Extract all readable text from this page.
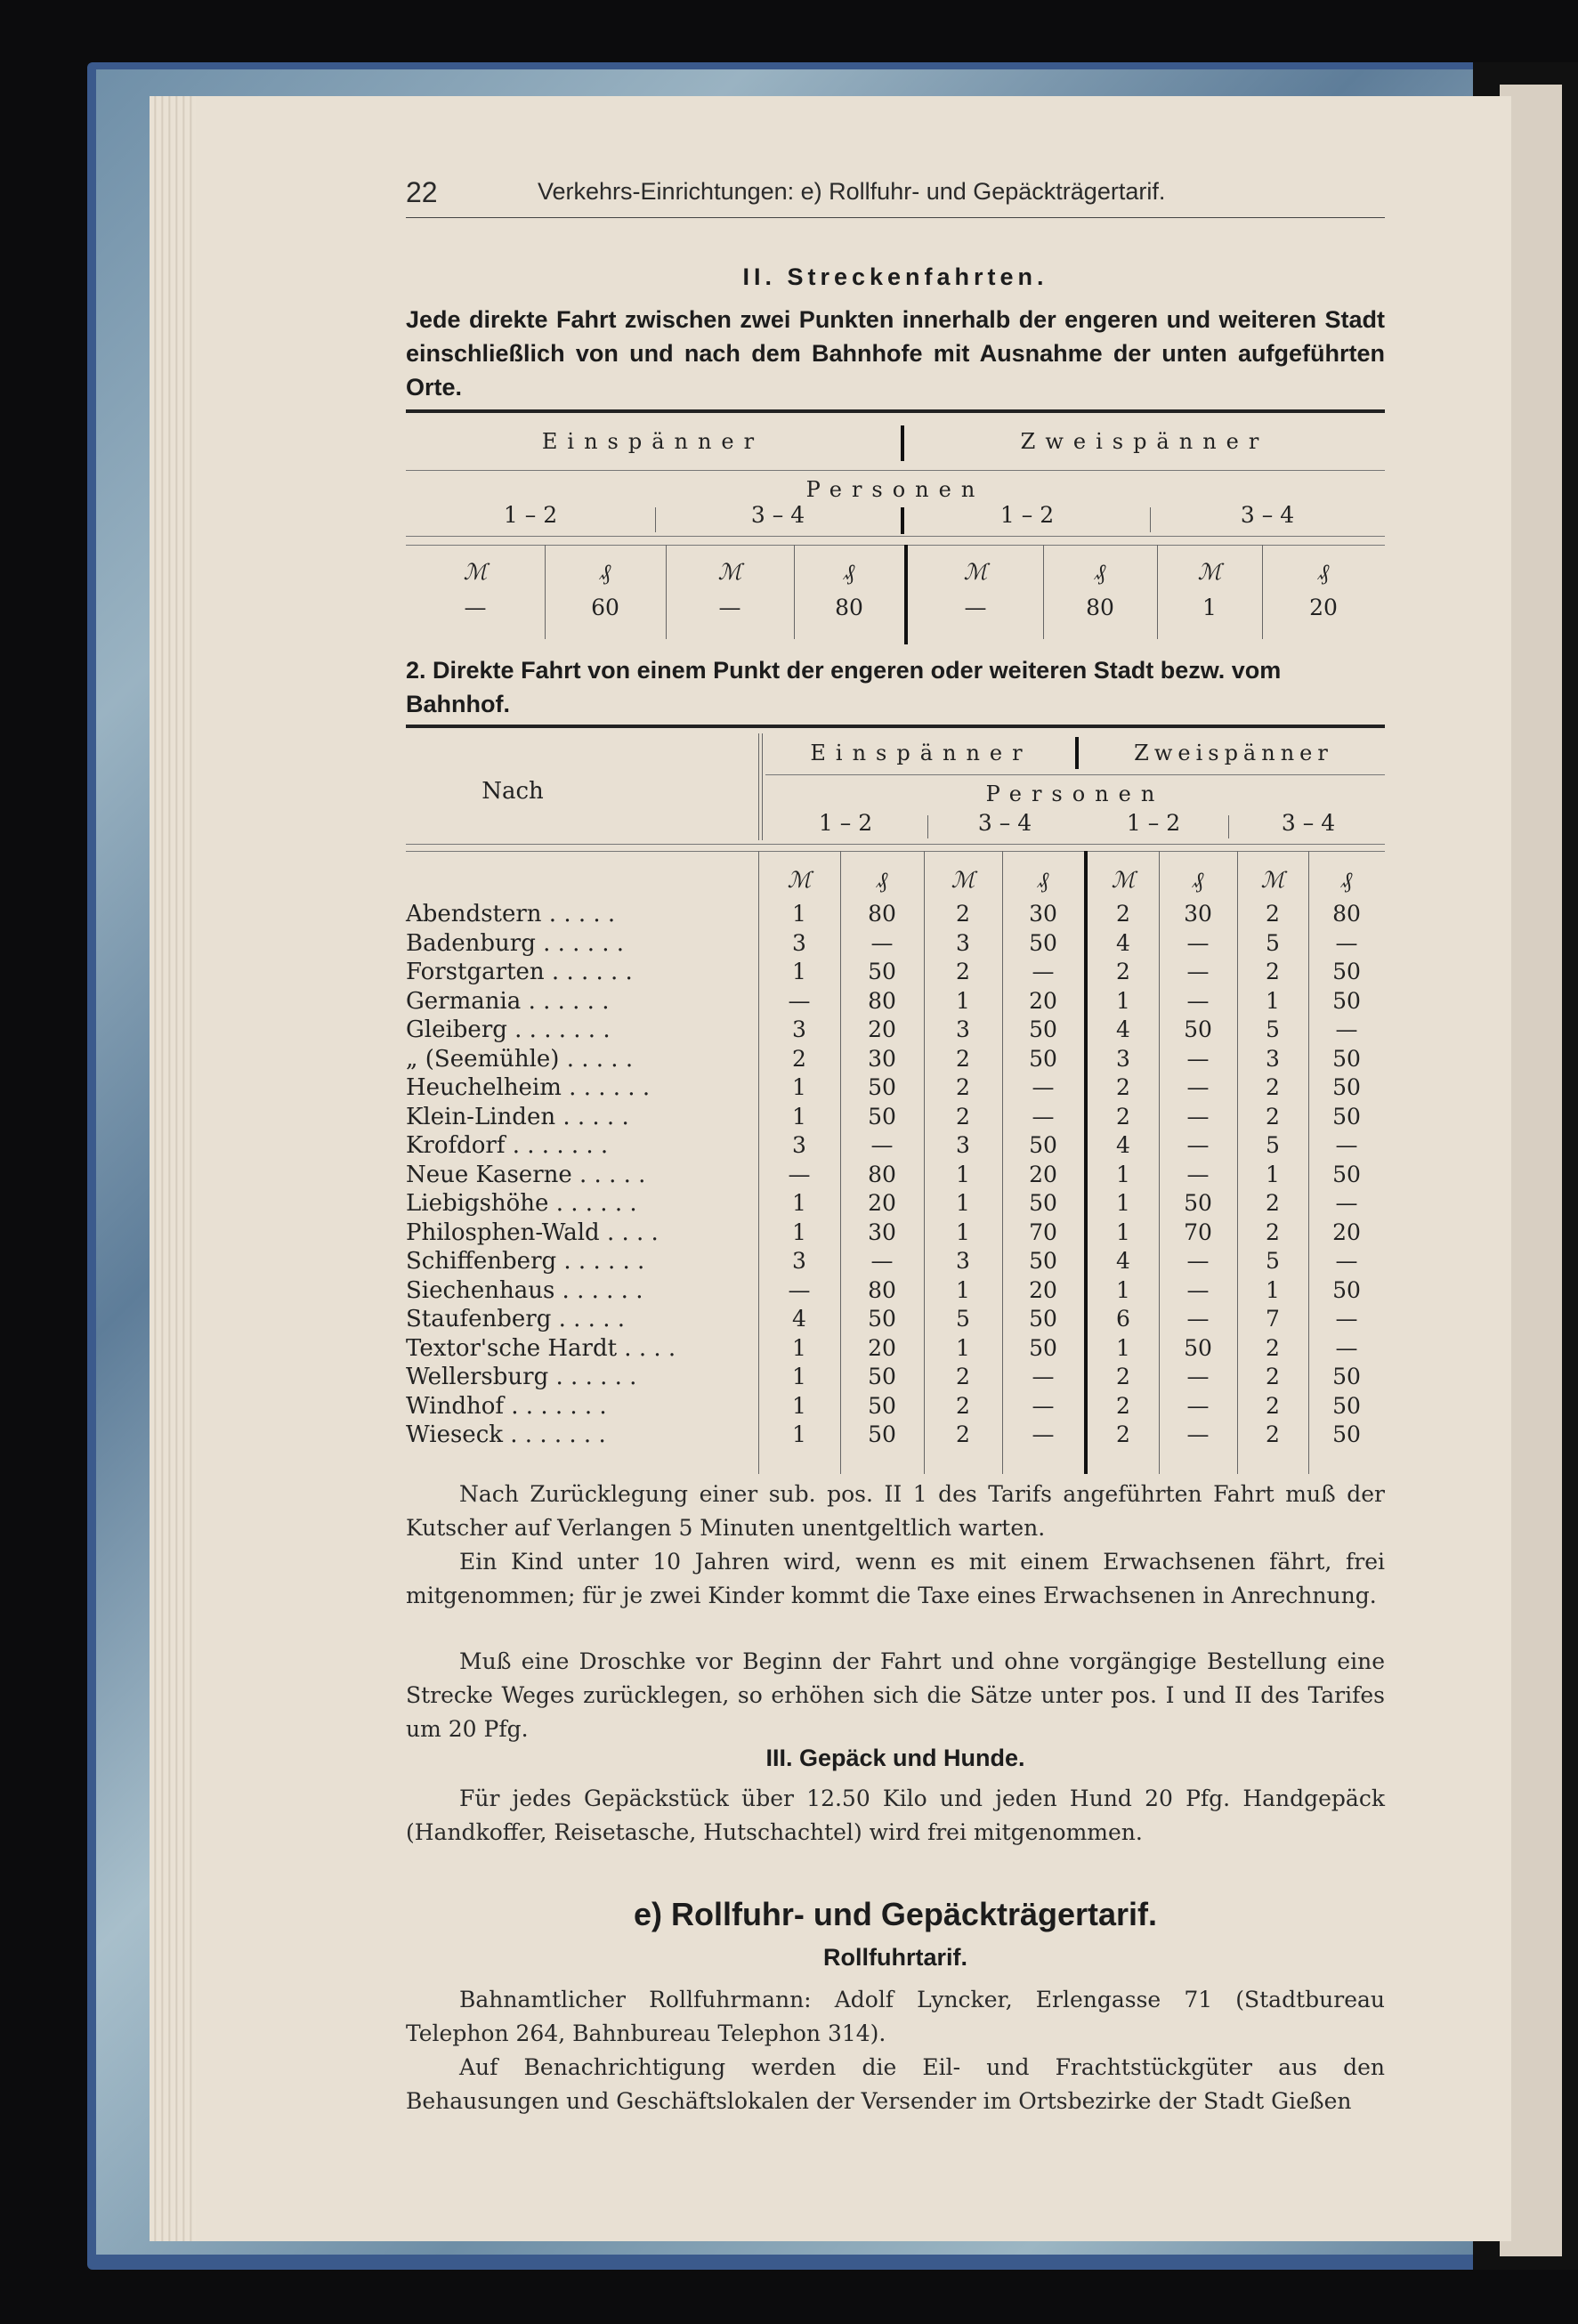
22	Verkehrs-Einrichtungen: e) Rollfuhr- und Gepäckträgertarif.
II. Streckenfahrten.
Jede direkte Fahrt zwischen zwei Punkten innerhalb der engeren und weiteren Stadt einschließlich von und nach dem Bahnhofe mit Ausnahme der unten aufgeführten Orte.
Einspänner	Zweispänner
Personen
1 – 2	3 – 4	1 – 2	3 – 4
ℳ	₰	ℳ	₰	ℳ	₰	ℳ	₰
—	60	—	80	—	80	1	20
2. Direkte Fahrt von einem Punkt der engeren oder weiteren Stadt bezw. vom Bahnhof.
Nach
Einspänner	Zweispänner
Personen
1 – 2	3 – 4	1 – 2	3 – 4
ℳ	₰	ℳ	₰	ℳ	₰	ℳ	₰
Abendstern . . . . .	1	80	2	30	2	30	2	80
Badenburg . . . . . .	3	—	3	50	4	—	5	—
Forstgarten . . . . . .	1	50	2	—	2	—	2	50
Germania . . . . . .	—	80	1	20	1	—	1	50
Gleiberg . . . . . . .	3	20	3	50	4	50	5	—
„ (Seemühle) . . . . .	2	30	2	50	3	—	3	50
Heuchelheim . . . . . .	1	50	2	—	2	—	2	50
Klein-Linden . . . . .	1	50	2	—	2	—	2	50
Krofdorf . . . . . . .	3	—	3	50	4	—	5	—
Neue Kaserne . . . . .	—	80	1	20	1	—	1	50
Liebigshöhe . . . . . .	1	20	1	50	1	50	2	—
Philosphen-Wald . . . .	1	30	1	70	1	70	2	20
Schiffenberg . . . . . .	3	—	3	50	4	—	5	—
Siechenhaus . . . . . .	—	80	1	20	1	—	1	50
Staufenberg . . . . .	4	50	5	50	6	—	7	—
Textor'sche Hardt . . . .	1	20	1	50	1	50	2	—
Wellersburg . . . . . .	1	50	2	—	2	—	2	50
Windhof . . . . . . .	1	50	2	—	2	—	2	50
Wieseck . . . . . . .	1	50	2	—	2	—	2	50
Nach Zurücklegung einer sub. pos. II 1 des Tarifs angeführten Fahrt muß der Kutscher auf Verlangen 5 Minuten unentgeltlich warten.
Ein Kind unter 10 Jahren wird, wenn es mit einem Erwachsenen fährt, frei mitgenommen; für je zwei Kinder kommt die Taxe eines Erwachsenen in Anrechnung.
Muß eine Droschke vor Beginn der Fahrt und ohne vorgängige Bestellung eine Strecke Weges zurücklegen, so erhöhen sich die Sätze unter pos. I und II des Tarifes um 20 Pfg.
III. Gepäck und Hunde.
Für jedes Gepäckstück über 12.50 Kilo und jeden Hund 20 Pfg. Handgepäck (Handkoffer, Reisetasche, Hutschachtel) wird frei mitgenommen.
e) Rollfuhr- und Gepäckträgertarif.
Rollfuhrtarif.
Bahnamtlicher Rollfuhrmann: Adolf Lyncker, Erlengasse 71 (Stadtbureau Telephon 264, Bahnbureau Telephon 314).
Auf Benachrichtigung werden die Eil- und Frachtstückgüter aus den Behausungen und Geschäftslokalen der Versender im Ortsbezirke der Stadt Gießen
